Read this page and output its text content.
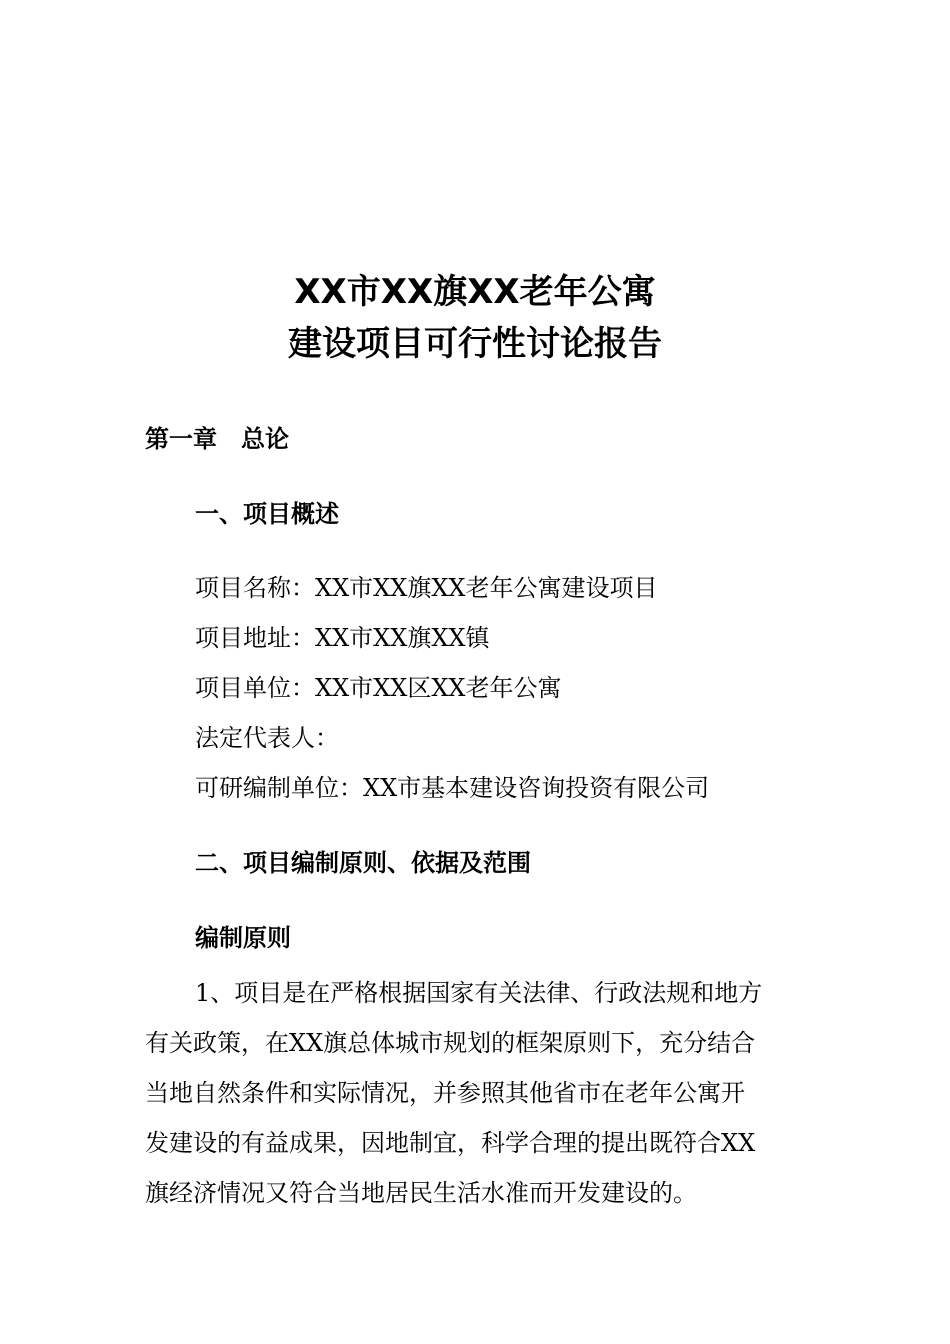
XX市XX旗XX老年公寓
建设项目可行性讨论报告
第一章　总论
一、项目概述
项目名称：XX市XX旗XX老年公寓建设项目
项目地址：XX市XX旗XX镇
项目单位：XX市XX区XX老年公寓
法定代表人：
可研编制单位：XX市基本建设咨询投资有限公司
二、项目编制原则、依据及范围
编制原则
1、项目是在严格根据国家有关法律、行政法规和地方
有关政策，在XX旗总体城市规划的框架原则下，充分结合
当地自然条件和实际情况，并参照其他省市在老年公寓开
发建设的有益成果，因地制宜，科学合理的提出既符合XX
旗经济情况又符合当地居民生活水准而开发建设的。
